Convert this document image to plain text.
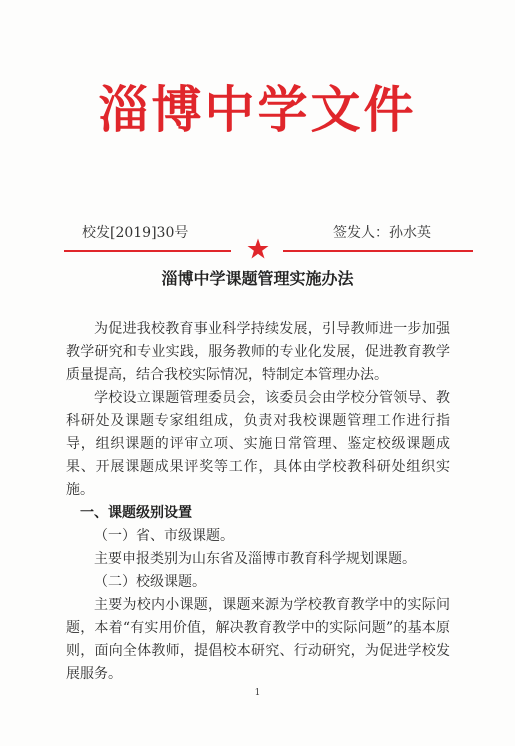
淄博中学文件
校发[2019]30号	签发人：孙水英
淄博中学课题管理实施办法

为促进我校教育事业科学持续发展，引导教师进一步加强教学研究和专业实践，服务教师的专业化发展，促进教育教学质量提高，结合我校实际情况，特制定本管理办法。

学校设立课题管理委员会，该委员会由学校分管领导、教科研处及课题专家组组成，负责对我校课题管理工作进行指导，组织课题的评审立项、实施日常管理、鉴定校级课题成果、开展课题成果评奖等工作，具体由学校教科研处组织实施。

一、课题级别设置

（一）省、市级课题。

主要申报类别为山东省及淄博市教育科学规划课题。

（二）校级课题。

主要为校内小课题，课题来源为学校教育教学中的实际问题，本着“有实用价值，解决教育教学中的实际问题”的基本原则，面向全体教师，提倡校本研究、行动研究，为促进学校发展服务。

1
